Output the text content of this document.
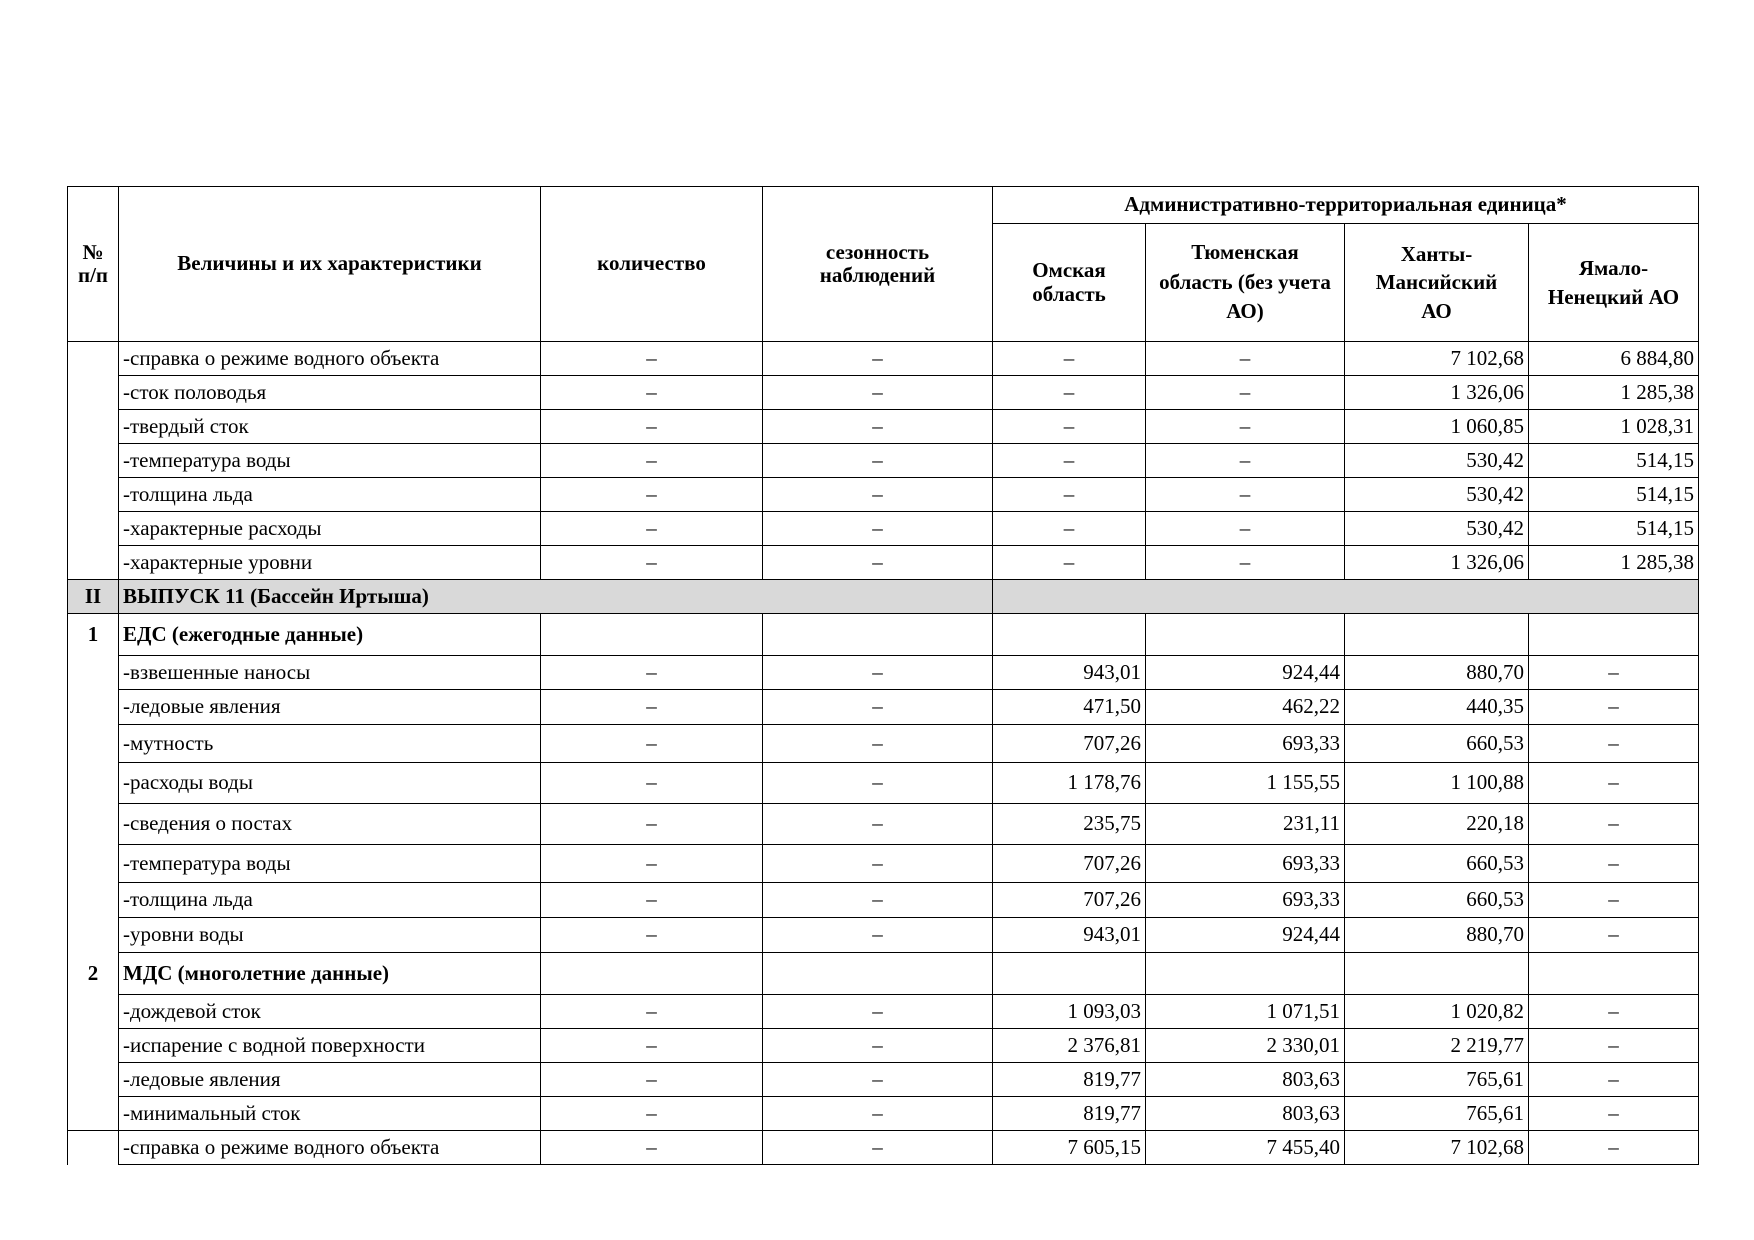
№ п/п	Величины и их характеристики	количество	сезонность наблюдений	Административно-территориальная единица*			
				Омская область	Тюменская область (без учета АО)	Ханты-Мансийский АО	Ямало-Ненецкий АО
	-справка о режиме водного объекта	–	–	–	–	7 102,68	6 884,80
	-сток половодья	–	–	–	–	1 326,06	1 285,38
	-твердый сток	–	–	–	–	1 060,85	1 028,31
	-температура воды	–	–	–	–	530,42	514,15
	-толщина льда	–	–	–	–	530,42	514,15
	-характерные расходы	–	–	–	–	530,42	514,15
	-характерные уровни	–	–	–	–	1 326,06	1 285,38
II	ВЫПУСК 11 (Бассейн Иртыша)						
1	ЕДС (ежегодные данные)						
	-взвешенные наносы	–	–	943,01	924,44	880,70	–
	-ледовые явления	–	–	471,50	462,22	440,35	–
	-мутность	–	–	707,26	693,33	660,53	–
	-расходы воды	–	–	1 178,76	1 155,55	1 100,88	–
	-сведения о постах	–	–	235,75	231,11	220,18	–
	-температура воды	–	–	707,26	693,33	660,53	–
	-толщина льда	–	–	707,26	693,33	660,53	–
	-уровни воды	–	–	943,01	924,44	880,70	–
2	МДС (многолетние данные)						
	-дождевой сток	–	–	1 093,03	1 071,51	1 020,82	–
	-испарение с водной поверхности	–	–	2 376,81	2 330,01	2 219,77	–
	-ледовые явления	–	–	819,77	803,63	765,61	–
	-минимальный сток	–	–	819,77	803,63	765,61	–
	-справка о режиме водного объекта	–	–	7 605,15	7 455,40	7 102,68	–
